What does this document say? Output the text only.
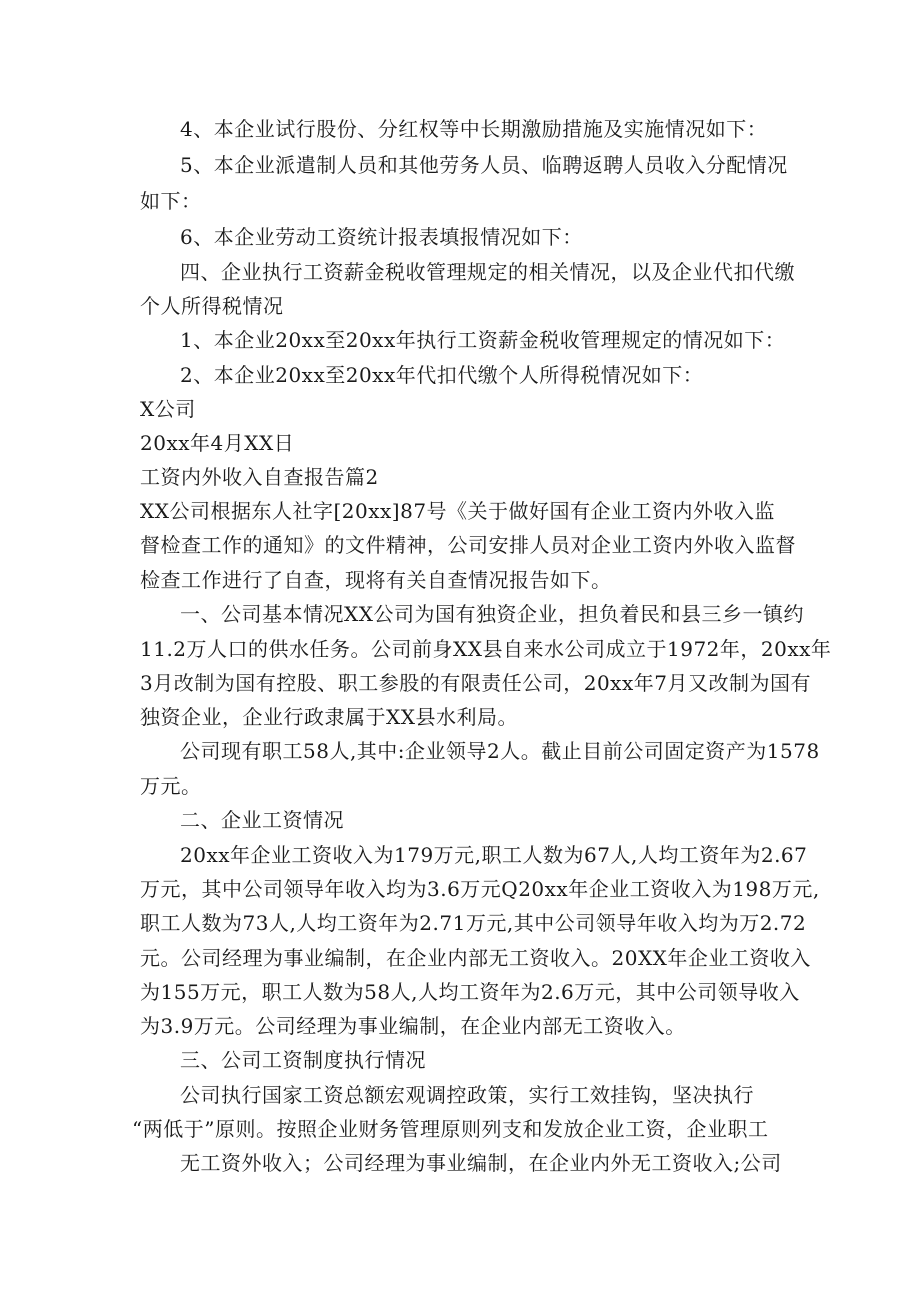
4、本企业试行股份、分红权等中长期激励措施及实施情况如下：
5、本企业派遣制人员和其他劳务人员、临聘返聘人员收入分配情况
如下：
6、本企业劳动工资统计报表填报情况如下：
四、企业执行工资薪金税收管理规定的相关情况，以及企业代扣代缴
个人所得税情况
1、本企业20xx至20xx年执行工资薪金税收管理规定的情况如下：
2、本企业20xx至20xx年代扣代缴个人所得税情况如下：
X公司
20xx年4月XX日
工资内外收入自查报告篇2
XX公司根据东人社字[20xx]87号《关于做好国有企业工资内外收入监
督检查工作的通知》的文件精神，公司安排人员对企业工资内外收入监督
检查工作进行了自查，现将有关自查情况报告如下。
一、公司基本情况XX公司为国有独资企业，担负着民和县三乡一镇约
11.2万人口的供水任务。公司前身XX县自来水公司成立于1972年，20xx年
3月改制为国有控股、职工参股的有限责任公司，20xx年7月又改制为国有
独资企业，企业行政隶属于XX县水利局。
公司现有职工58人,其中:企业领导2人。截止目前公司固定资产为1578
万元。
二、企业工资情况
20xx年企业工资收入为179万元,职工人数为67人,人均工资年为2.67
万元，其中公司领导年收入均为3.6万元Q20xx年企业工资收入为198万元,
职工人数为73人,人均工资年为2.71万元,其中公司领导年收入均为万2.72
元。公司经理为事业编制，在企业内部无工资收入。20XX年企业工资收入
为155万元，职工人数为58人,人均工资年为2.6万元，其中公司领导收入
为3.9万元。公司经理为事业编制，在企业内部无工资收入。
三、公司工资制度执行情况
公司执行国家工资总额宏观调控政策，实行工效挂钩，坚决执行
“两低于”原则。按照企业财务管理原则列支和发放企业工资，企业职工
无工资外收入；公司经理为事业编制，在企业内外无工资收入;公司
